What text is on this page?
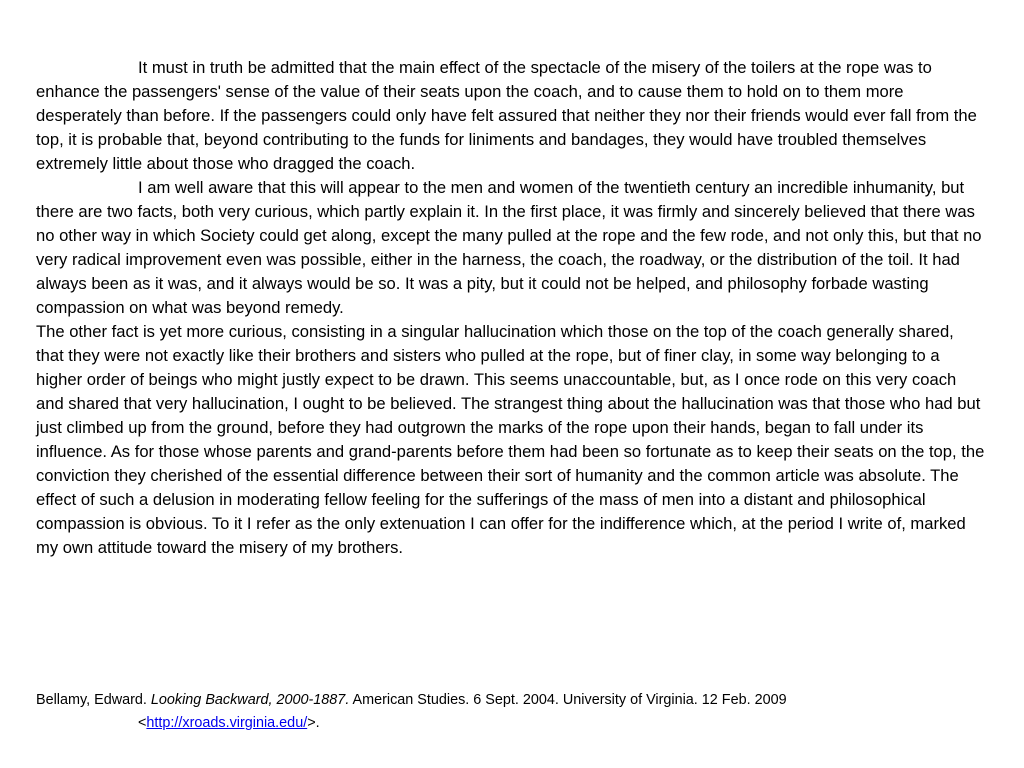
It must in truth be admitted that the main effect of the spectacle of the misery of the toilers at the rope was to enhance the passengers' sense of the value of their seats upon the coach, and to cause them to hold on to them more desperately than before. If the passengers could only have felt assured that neither they nor their friends would ever fall from the top, it is probable that, beyond contributing to the funds for liniments and bandages, they would have troubled themselves extremely little about those who dragged the coach.

I am well aware that this will appear to the men and women of the twentieth century an incredible inhumanity, but there are two facts, both very curious, which partly explain it. In the first place, it was firmly and sincerely believed that there was no other way in which Society could get along, except the many pulled at the rope and the few rode, and not only this, but that no very radical improvement even was possible, either in the harness, the coach, the roadway, or the distribution of the toil. It had always been as it was, and it always would be so. It was a pity, but it could not be helped, and philosophy forbade wasting compassion on what was beyond remedy.

The other fact is yet more curious, consisting in a singular hallucination which those on the top of the coach generally shared, that they were not exactly like their brothers and sisters who pulled at the rope, but of finer clay, in some way belonging to a higher order of beings who might justly expect to be drawn. This seems unaccountable, but, as I once rode on this very coach and shared that very hallucination, I ought to be believed. The strangest thing about the hallucination was that those who had but just climbed up from the ground, before they had outgrown the marks of the rope upon their hands, began to fall under its influence. As for those whose parents and grand-parents before them had been so fortunate as to keep their seats on the top, the conviction they cherished of the essential difference between their sort of humanity and the common article was absolute. The effect of such a delusion in moderating fellow feeling for the sufferings of the mass of men into a distant and philosophical compassion is obvious. To it I refer as the only extenuation I can offer for the indifference which, at the period I write of, marked my own attitude toward the misery of my brothers.

Bellamy, Edward. Looking Backward, 2000-1887. American Studies. 6 Sept. 2004. University of Virginia. 12 Feb. 2009

<http://xroads.virginia.edu/>.
